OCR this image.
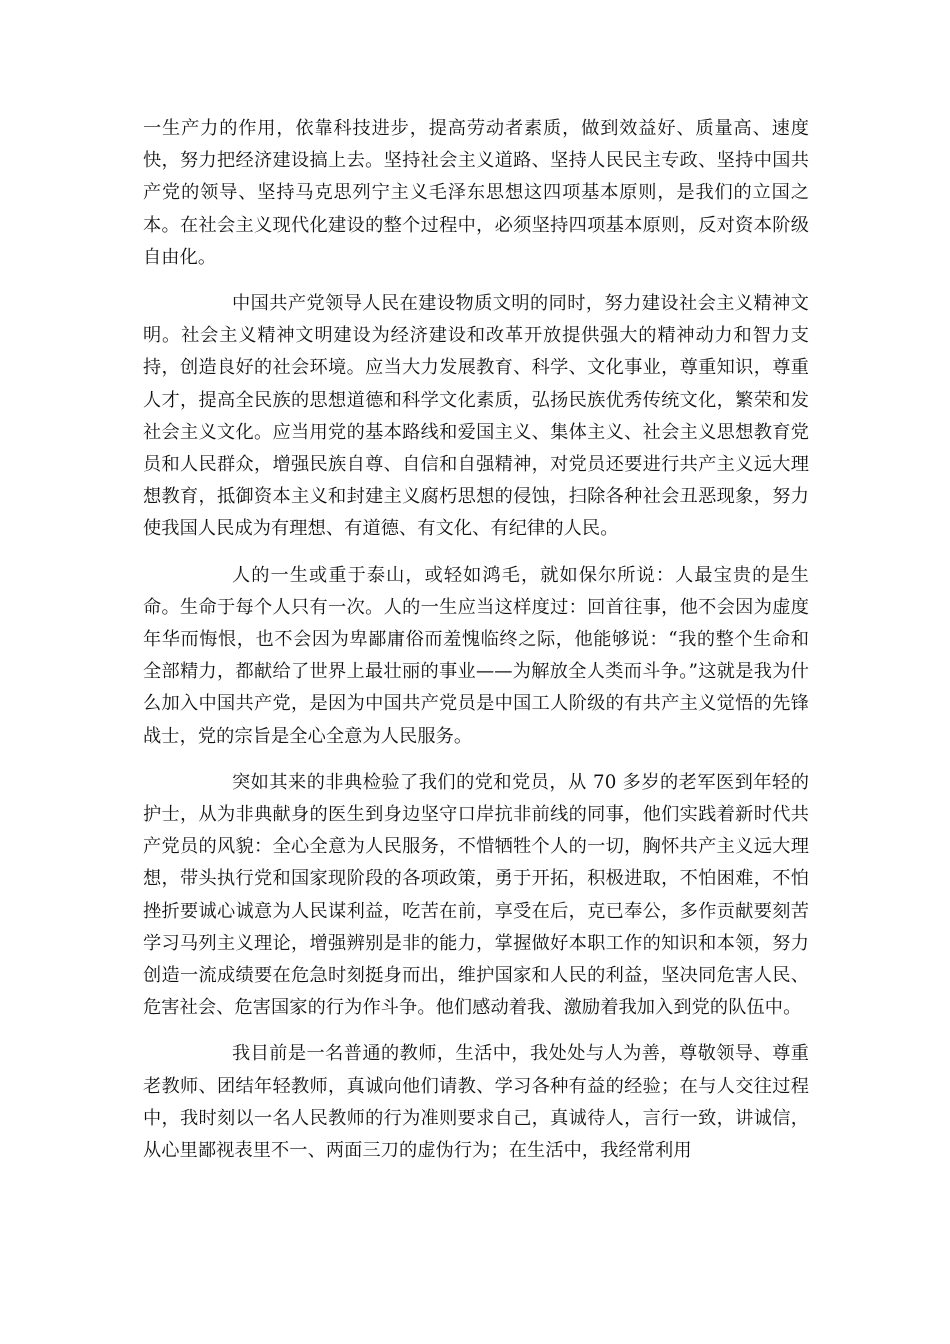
一生产力的作用，依靠科技进步，提高劳动者素质，做到效益好、质量高、速度快，努力把经济建设搞上去。坚持社会主义道路、坚持人民民主专政、坚持中国共产党的领导、坚持马克思列宁主义毛泽东思想这四项基本原则，是我们的立国之本。在社会主义现代化建设的整个过程中，必须坚持四项基本原则，反对资本阶级自由化。

中国共产党领导人民在建设物质文明的同时，努力建设社会主义精神文明。社会主义精神文明建设为经济建设和改革开放提供强大的精神动力和智力支持，创造良好的社会环境。应当大力发展教育、科学、文化事业，尊重知识，尊重人才，提高全民族的思想道德和科学文化素质，弘扬民族优秀传统文化，繁荣和发社会主义文化。应当用党的基本路线和爱国主义、集体主义、社会主义思想教育党员和人民群众，增强民族自尊、自信和自强精神，对党员还要进行共产主义远大理想教育，抵御资本主义和封建主义腐朽思想的侵蚀，扫除各种社会丑恶现象，努力使我国人民成为有理想、有道德、有文化、有纪律的人民。

人的一生或重于泰山，或轻如鸿毛，就如保尔所说：人最宝贵的是生命。生命于每个人只有一次。人的一生应当这样度过：回首往事，他不会因为虚度年华而悔恨，也不会因为卑鄙庸俗而羞愧临终之际，他能够说：“我的整个生命和全部精力，都献给了世界上最壮丽的事业——为解放全人类而斗争。”这就是我为什么加入中国共产党，是因为中国共产党员是中国工人阶级的有共产主义觉悟的先锋战士，党的宗旨是全心全意为人民服务。

突如其来的非典检验了我们的党和党员，从 70 多岁的老军医到年轻的护士，从为非典献身的医生到身边坚守口岸抗非前线的同事，他们实践着新时代共产党员的风貌：全心全意为人民服务，不惜牺牲个人的一切，胸怀共产主义远大理想，带头执行党和国家现阶段的各项政策，勇于开拓，积极进取，不怕困难，不怕挫折要诚心诚意为人民谋利益，吃苦在前，享受在后，克已奉公，多作贡献要刻苦学习马列主义理论，增强辨别是非的能力，掌握做好本职工作的知识和本领，努力创造一流成绩要在危急时刻挺身而出，维护国家和人民的利益，坚决同危害人民、危害社会、危害国家的行为作斗争。他们感动着我、激励着我加入到党的队伍中。

我目前是一名普通的教师，生活中，我处处与人为善，尊敬领导、尊重老教师、团结年轻教师，真诚向他们请教、学习各种有益的经验；在与人交往过程中，我时刻以一名人民教师的行为准则要求自己，真诚待人，言行一致，讲诚信，从心里鄙视表里不一、两面三刀的虚伪行为；在生活中，我经常利用
